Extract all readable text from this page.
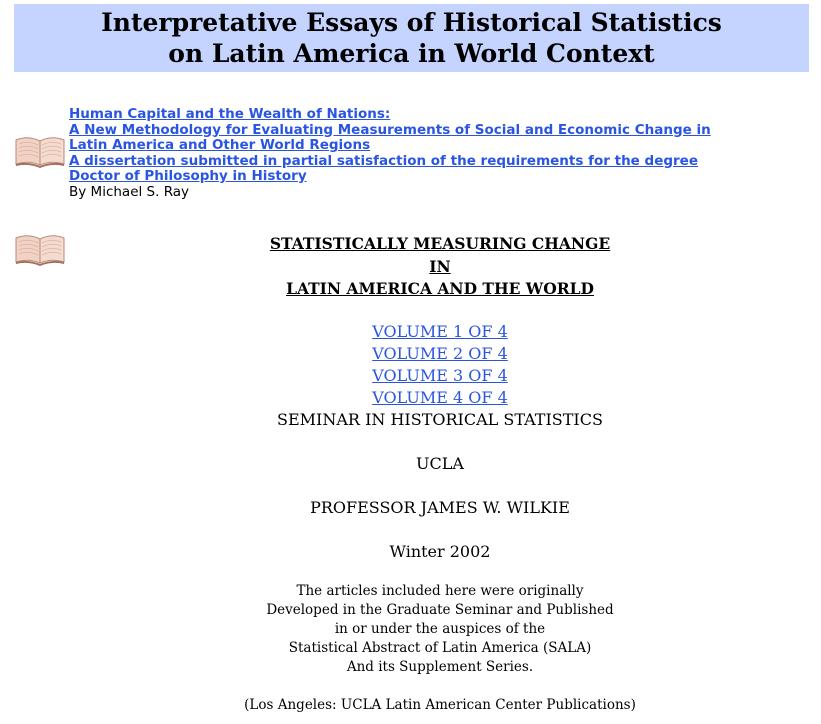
Interpretative Essays of Historical Statistics
on Latin America in World Context
Human Capital and the Wealth of Nations:
A New Methodology for Evaluating Measurements of Social and Economic Change in
Latin America and Other World Regions
A dissertation submitted in partial satisfaction of the requirements for the degree
Doctor of Philosophy in History
By Michael S. Ray
STATISTICALLY MEASURING CHANGE
IN
LATIN AMERICA AND THE WORLD
VOLUME 1 OF 4
VOLUME 2 OF 4
VOLUME 3 OF 4
VOLUME 4 OF 4
SEMINAR IN HISTORICAL STATISTICS
UCLA
PROFESSOR JAMES W. WILKIE
Winter 2002
The articles included here were originally
Developed in the Graduate Seminar and Published
in or under the auspices of the
Statistical Abstract of Latin America (SALA)
And its Supplement Series.
(Los Angeles: UCLA Latin American Center Publications)
